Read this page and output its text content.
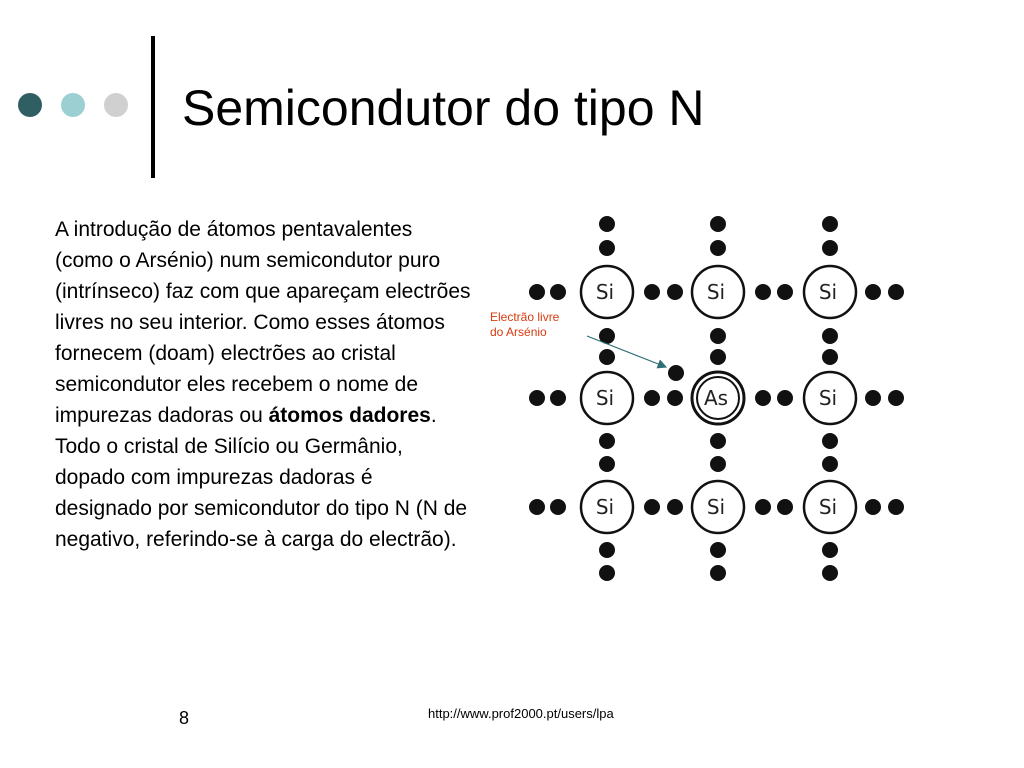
Semicondutor do tipo N

A introdução de átomos pentavalentes (como o Arsénio) num semicondutor puro (intrínseco) faz com que apareçam electrões livres no seu interior. Como esses átomos fornecem (doam) electrões ao cristal semicondutor eles recebem o nome de impurezas dadoras ou átomos dadores. Todo o cristal de Silício ou Germânio, dopado com impurezas dadoras é designado por semicondutor do tipo N (N de negativo, referindo-se à carga do electrão).

Si	Si	Si
Si	As	Si
Si	Si	Si
Electrão livre
do Arsénio
8	http://www.prof2000.pt/users/lpa
